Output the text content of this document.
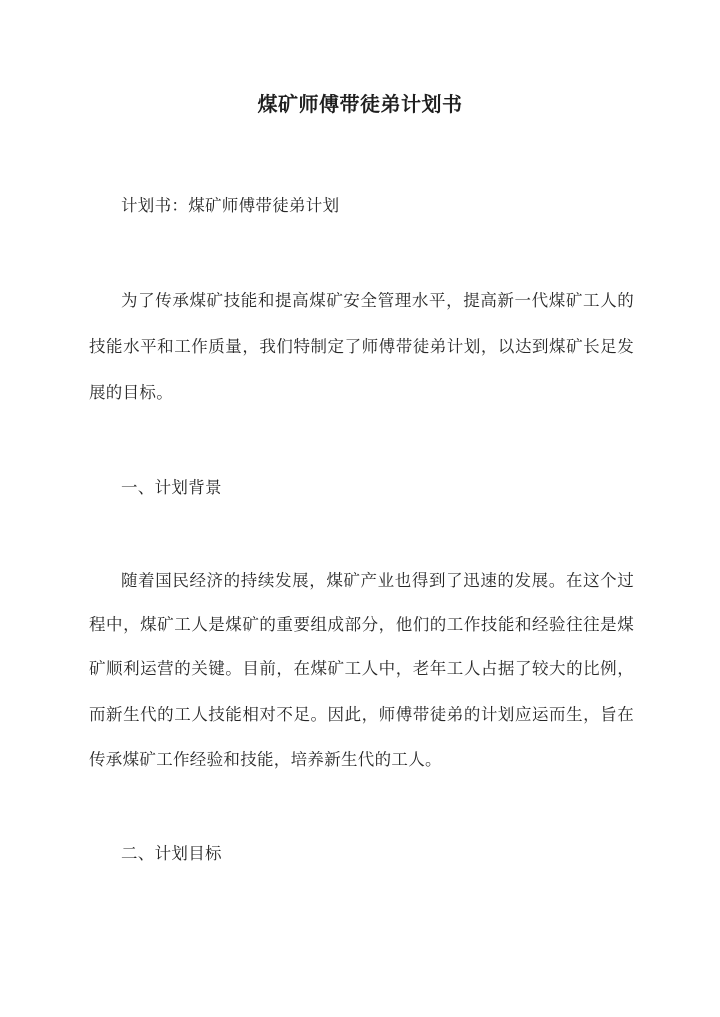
煤矿师傅带徒弟计划书
计划书：煤矿师傅带徒弟计划
为了传承煤矿技能和提高煤矿安全管理水平，提高新一代煤矿工人的
技能水平和工作质量，我们特制定了师傅带徒弟计划，以达到煤矿长足发
展的目标。
一、计划背景
随着国民经济的持续发展，煤矿产业也得到了迅速的发展。在这个过
程中，煤矿工人是煤矿的重要组成部分，他们的工作技能和经验往往是煤
矿顺利运营的关键。目前，在煤矿工人中，老年工人占据了较大的比例，
而新生代的工人技能相对不足。因此，师傅带徒弟的计划应运而生，旨在
传承煤矿工作经验和技能，培养新生代的工人。
二、计划目标
